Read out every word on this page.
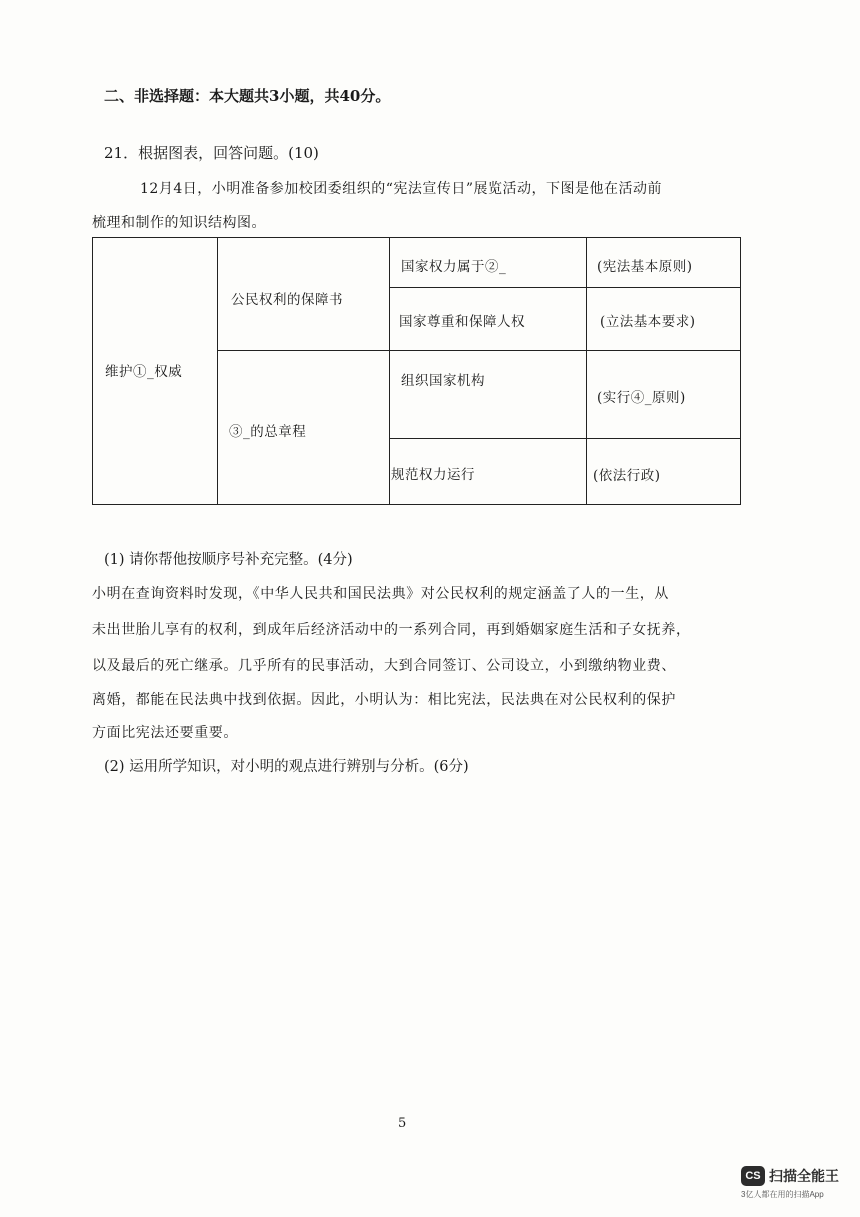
二、非选择题：本大题共3小题，共40分。
21．根据图表，回答问题。(10)
12月4日，小明准备参加校团委组织的“宪法宣传日”展览活动，下图是他在活动前
梳理和制作的知识结构图。
维护①_权威
公民权利的保障书
③_的总章程
国家权力属于②_
国家尊重和保障人权
组织国家机构
规范权力运行
(宪法基本原则)
(立法基本要求)
(实行④_原则)
(依法行政)
(1) 请你帮他按顺序号补充完整。(4分)
小明在查询资料时发现，《中华人民共和国民法典》对公民权利的规定涵盖了人的一生，从
未出世胎儿享有的权利，到成年后经济活动中的一系列合同，再到婚姻家庭生活和子女抚养，
以及最后的死亡继承。几乎所有的民事活动，大到合同签订、公司设立，小到缴纳物业费、
离婚，都能在民法典中找到依据。因此，小明认为：相比宪法，民法典在对公民权利的保护
方面比宪法还要重要。
(2) 运用所学知识，对小明的观点进行辨别与分析。(6分)
5
CS 扫描全能王
3亿人都在用的扫描App
